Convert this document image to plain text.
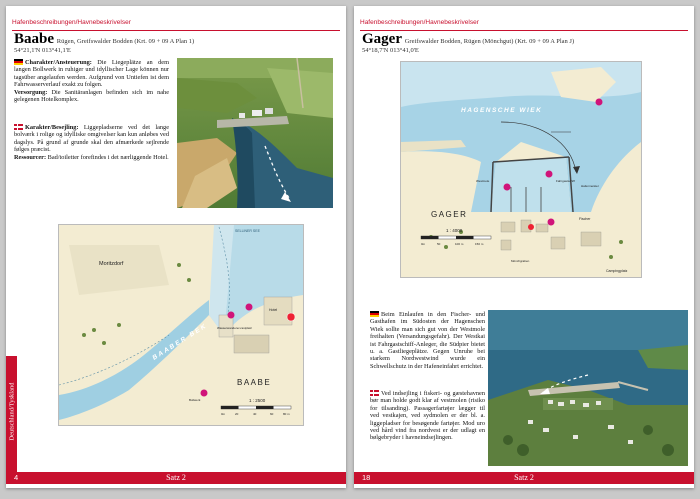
Hafenbeschreibungen/Havnebeskrivelser
Baabe Rügen, Greifswalder Bodden (Krt. 09 + 09 A Plan 1)
54°21,1'N 013°41,1'E
Charakter/Ansteuerung: Die Liegeplätze an dem langen Bollwerk in ruhiger und idyllischer Lage können nur tagsüber angelaufen werden. Aufgrund von Untiefen ist dem Fahrwasserverlauf exakt zu folgen.
Versorgung: Die Sanitäranlagen befinden sich im nahe gelegenen Hotelkomplex.
Karakter/Besejling: Liggepladserne ved det lange bolværk i rolige og idylliske omgivelser kan kun anløbes ved dagslys. På grund af grunde skal den afmærkede sejlrende følges præcist.
Ressourcer: Bad/toiletter forefindes i det nærliggende Hotel.
Moritzdorf
BAABER BEK
BAABE
1 : 2500
0m	20	40	60	80 m
SELLINER SEE
Hotel
Wasserwanderer-rastplatz
Bollwerk
Deutschland/Tyskland
4	Satz 2
Hafenbeschreibungen/Havnebeskrivelser
Gager Greifswalder Bodden, Rügen (Mönchgut) (Krt. 09 + 09 A Plan J)
54°18,7'N 013°41,0'E
HAGENSCHE WIEK
GAGER
1 : 4000
0m	50	100 m	150 m
Fischer
Campingplatz
Hafenmeister
Fahrgastschiff
Westmole
Mönchgraben
Beim Einlaufen in den Fischer- und Gasthafen im Südosten der Hagenschen Wiek sollte man sich gut von der Westmole freihalten (Versandungsgefahr). Der Westkai ist Fahrgastschiff-Anleger, die Südpier bietet u. a. Gastliegeplätze. Gegen Unruhe bei starkem Nordwestwind wurde ein Schwellschutz in der Hafeneinfahrt errichtet.
Ved indsejling i fiskeri- og gæstehavnen bør man holde godt klar af vestmolen (risiko for tilsanding). Passagerfartøjer lægger til ved vestkajen, ved sydmolen er der bl. a. liggepladser for besøgende fartøjer. Mod uro ved hård vind fra nordvest er der udlagt en bølgebryder i havneindsejlingen.
18	Satz 2
